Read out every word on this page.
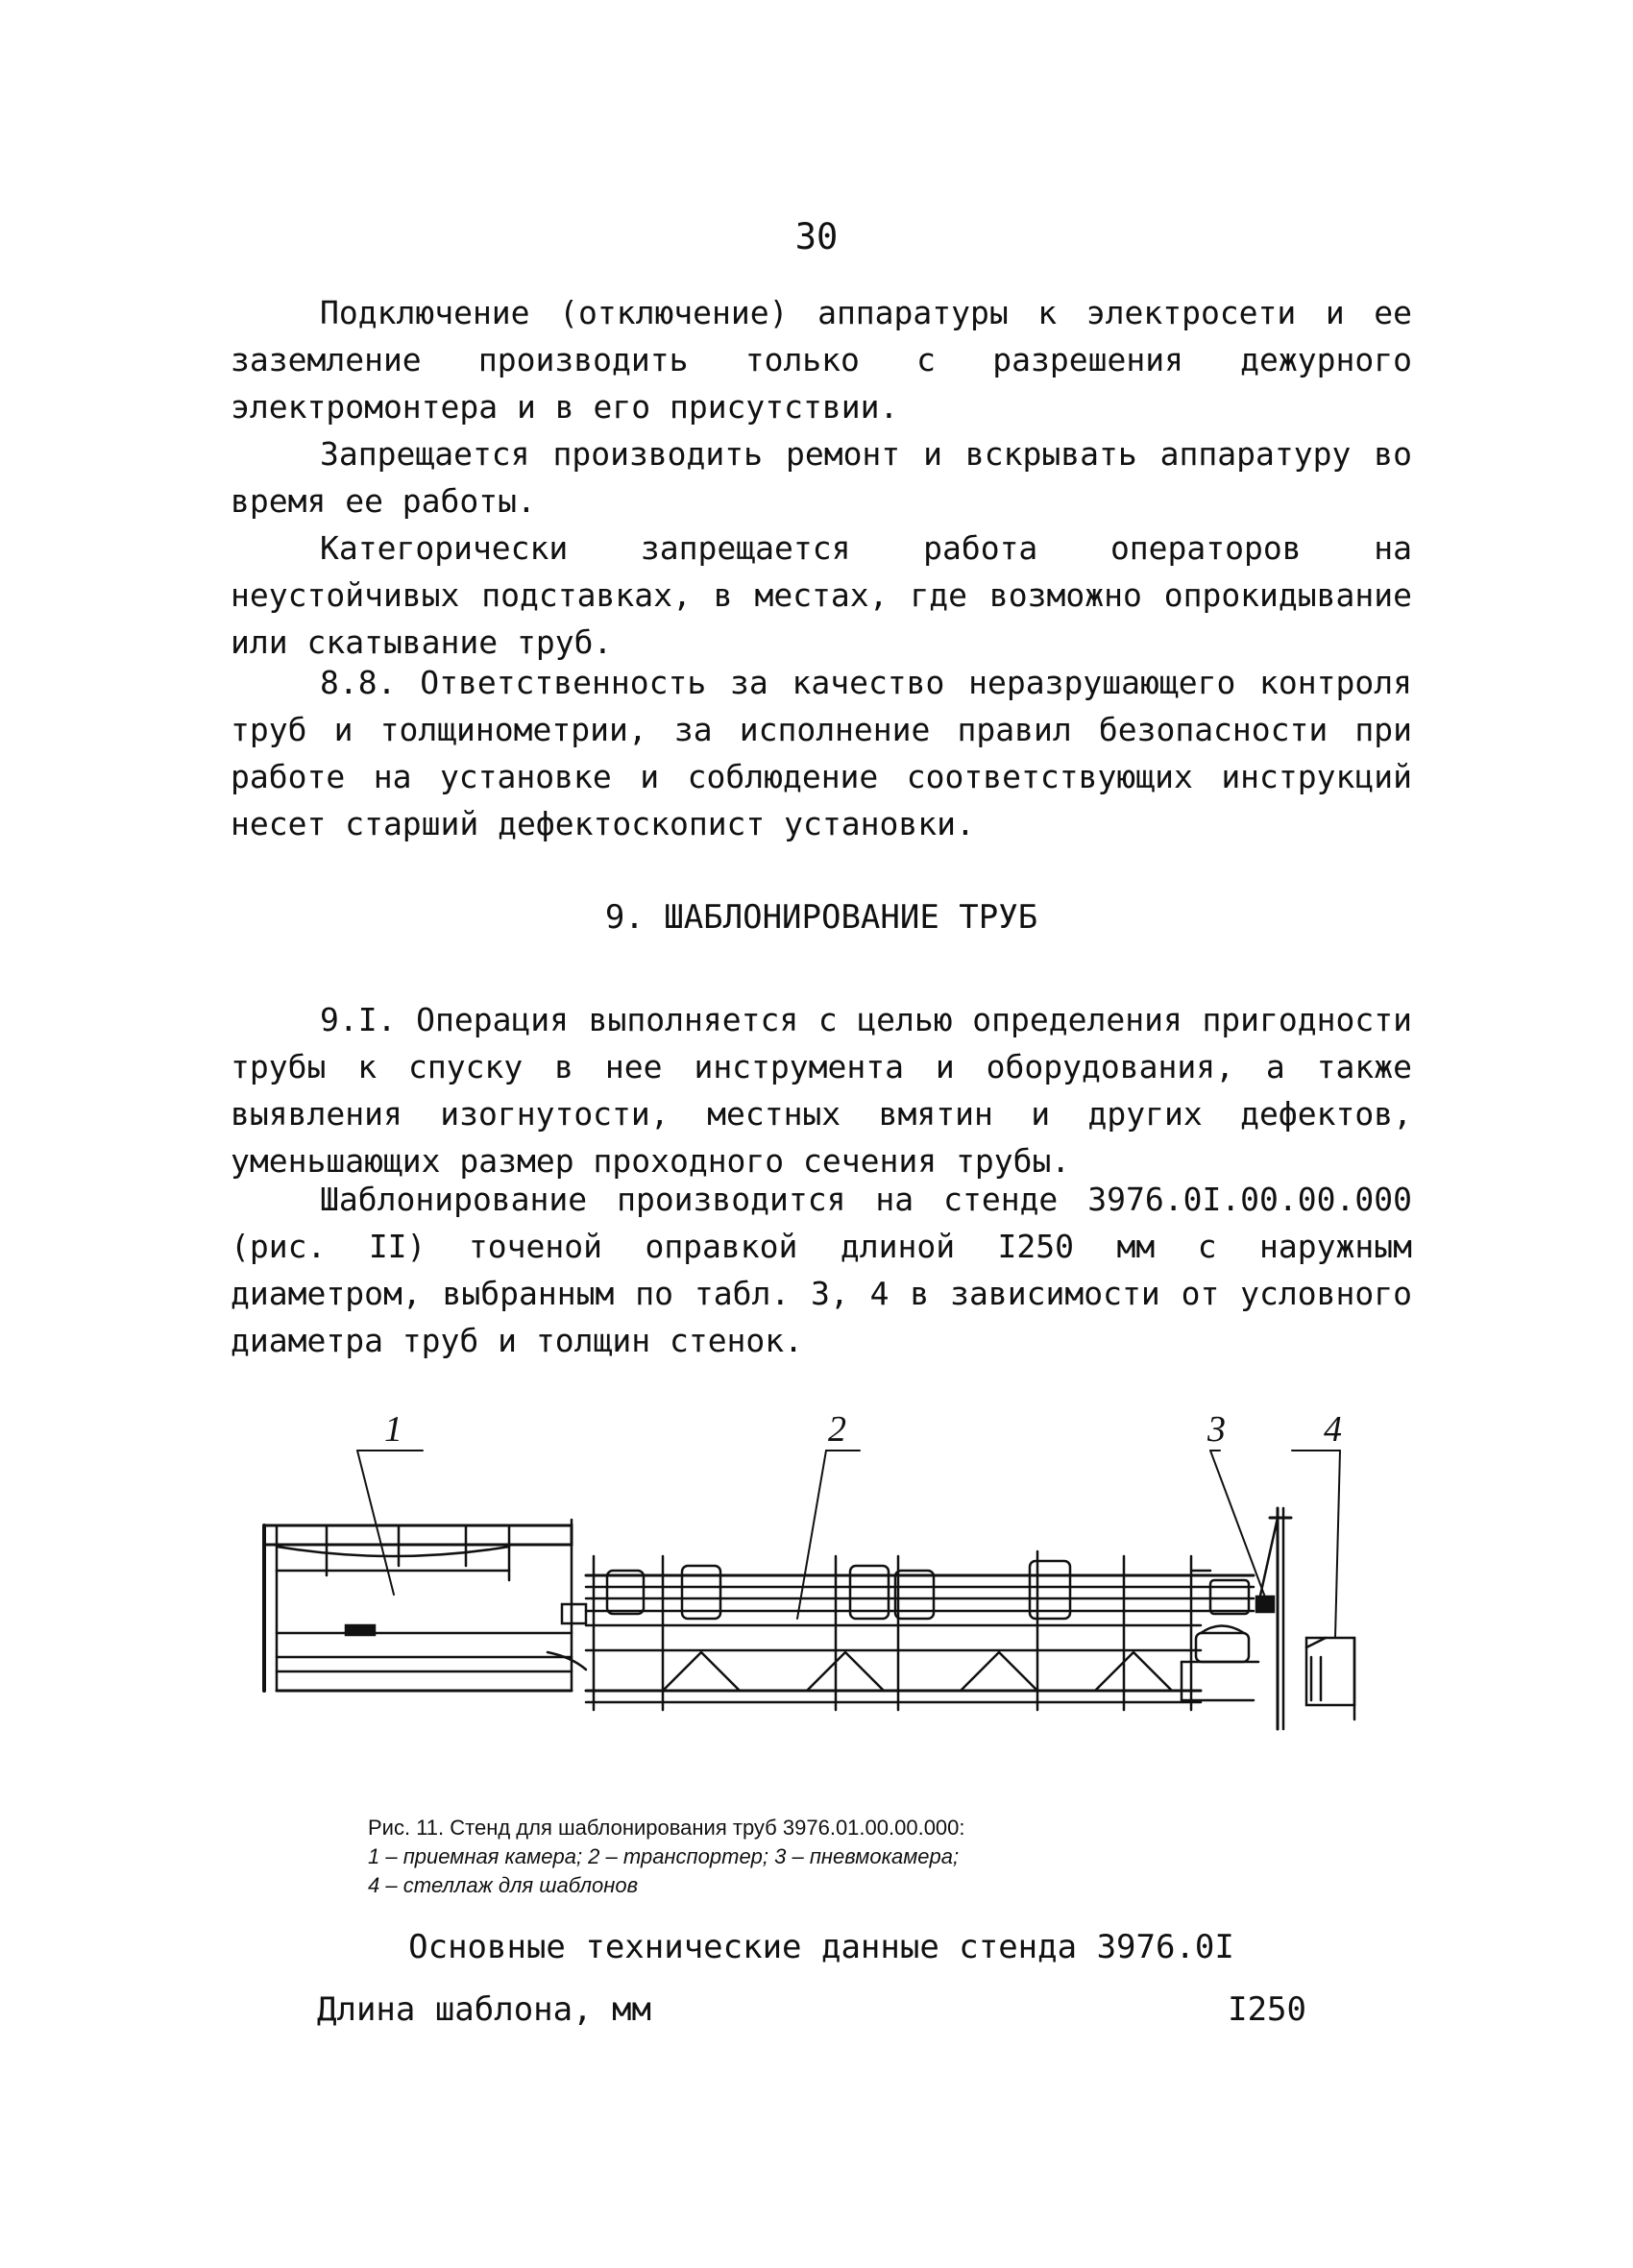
30

Подключение (отключение) аппаратуры к электросети и ее заземление производить только с разрешения дежурного электромонтера и в его присутствии.

Запрещается производить ремонт и вскрывать аппаратуру во время ее работы.

Категорически запрещается работа операторов на неустойчивых подставках, в местах, где возможно опрокидывание или скатывание труб.

8.8. Ответственность за качество неразрушающего контроля труб и толщинометрии, за исполнение правил безопасности при работе на установке и соблюдение соответствующих инструкций несет старший дефектоскопист установки.

9. ШАБЛОНИРОВАНИЕ ТРУБ

9.I. Операция выполняется с целью определения пригодности трубы к спуску в нее инструмента и оборудования, а также выявления изогнутости, местных вмятин и других дефектов, уменьшающих размер проходного сечения трубы.

Шаблонирование производится на стенде 3976.0I.00.00.000 (рис. II) точеной оправкой длиной I250 мм с наружным диаметром, выбранным по табл. 3, 4 в зависимости от условного диаметра труб и толщин стенок.

1	2	3	4
Рис. 11. Стенд для шаблонирования труб 3976.01.00.00.000:
1 – приемная камера; 2 – транспортер; 3 – пневмокамера;
4 – стеллаж для шаблонов
Основные технические данные стенда 3976.0I
Длина шаблона, мм	I250
